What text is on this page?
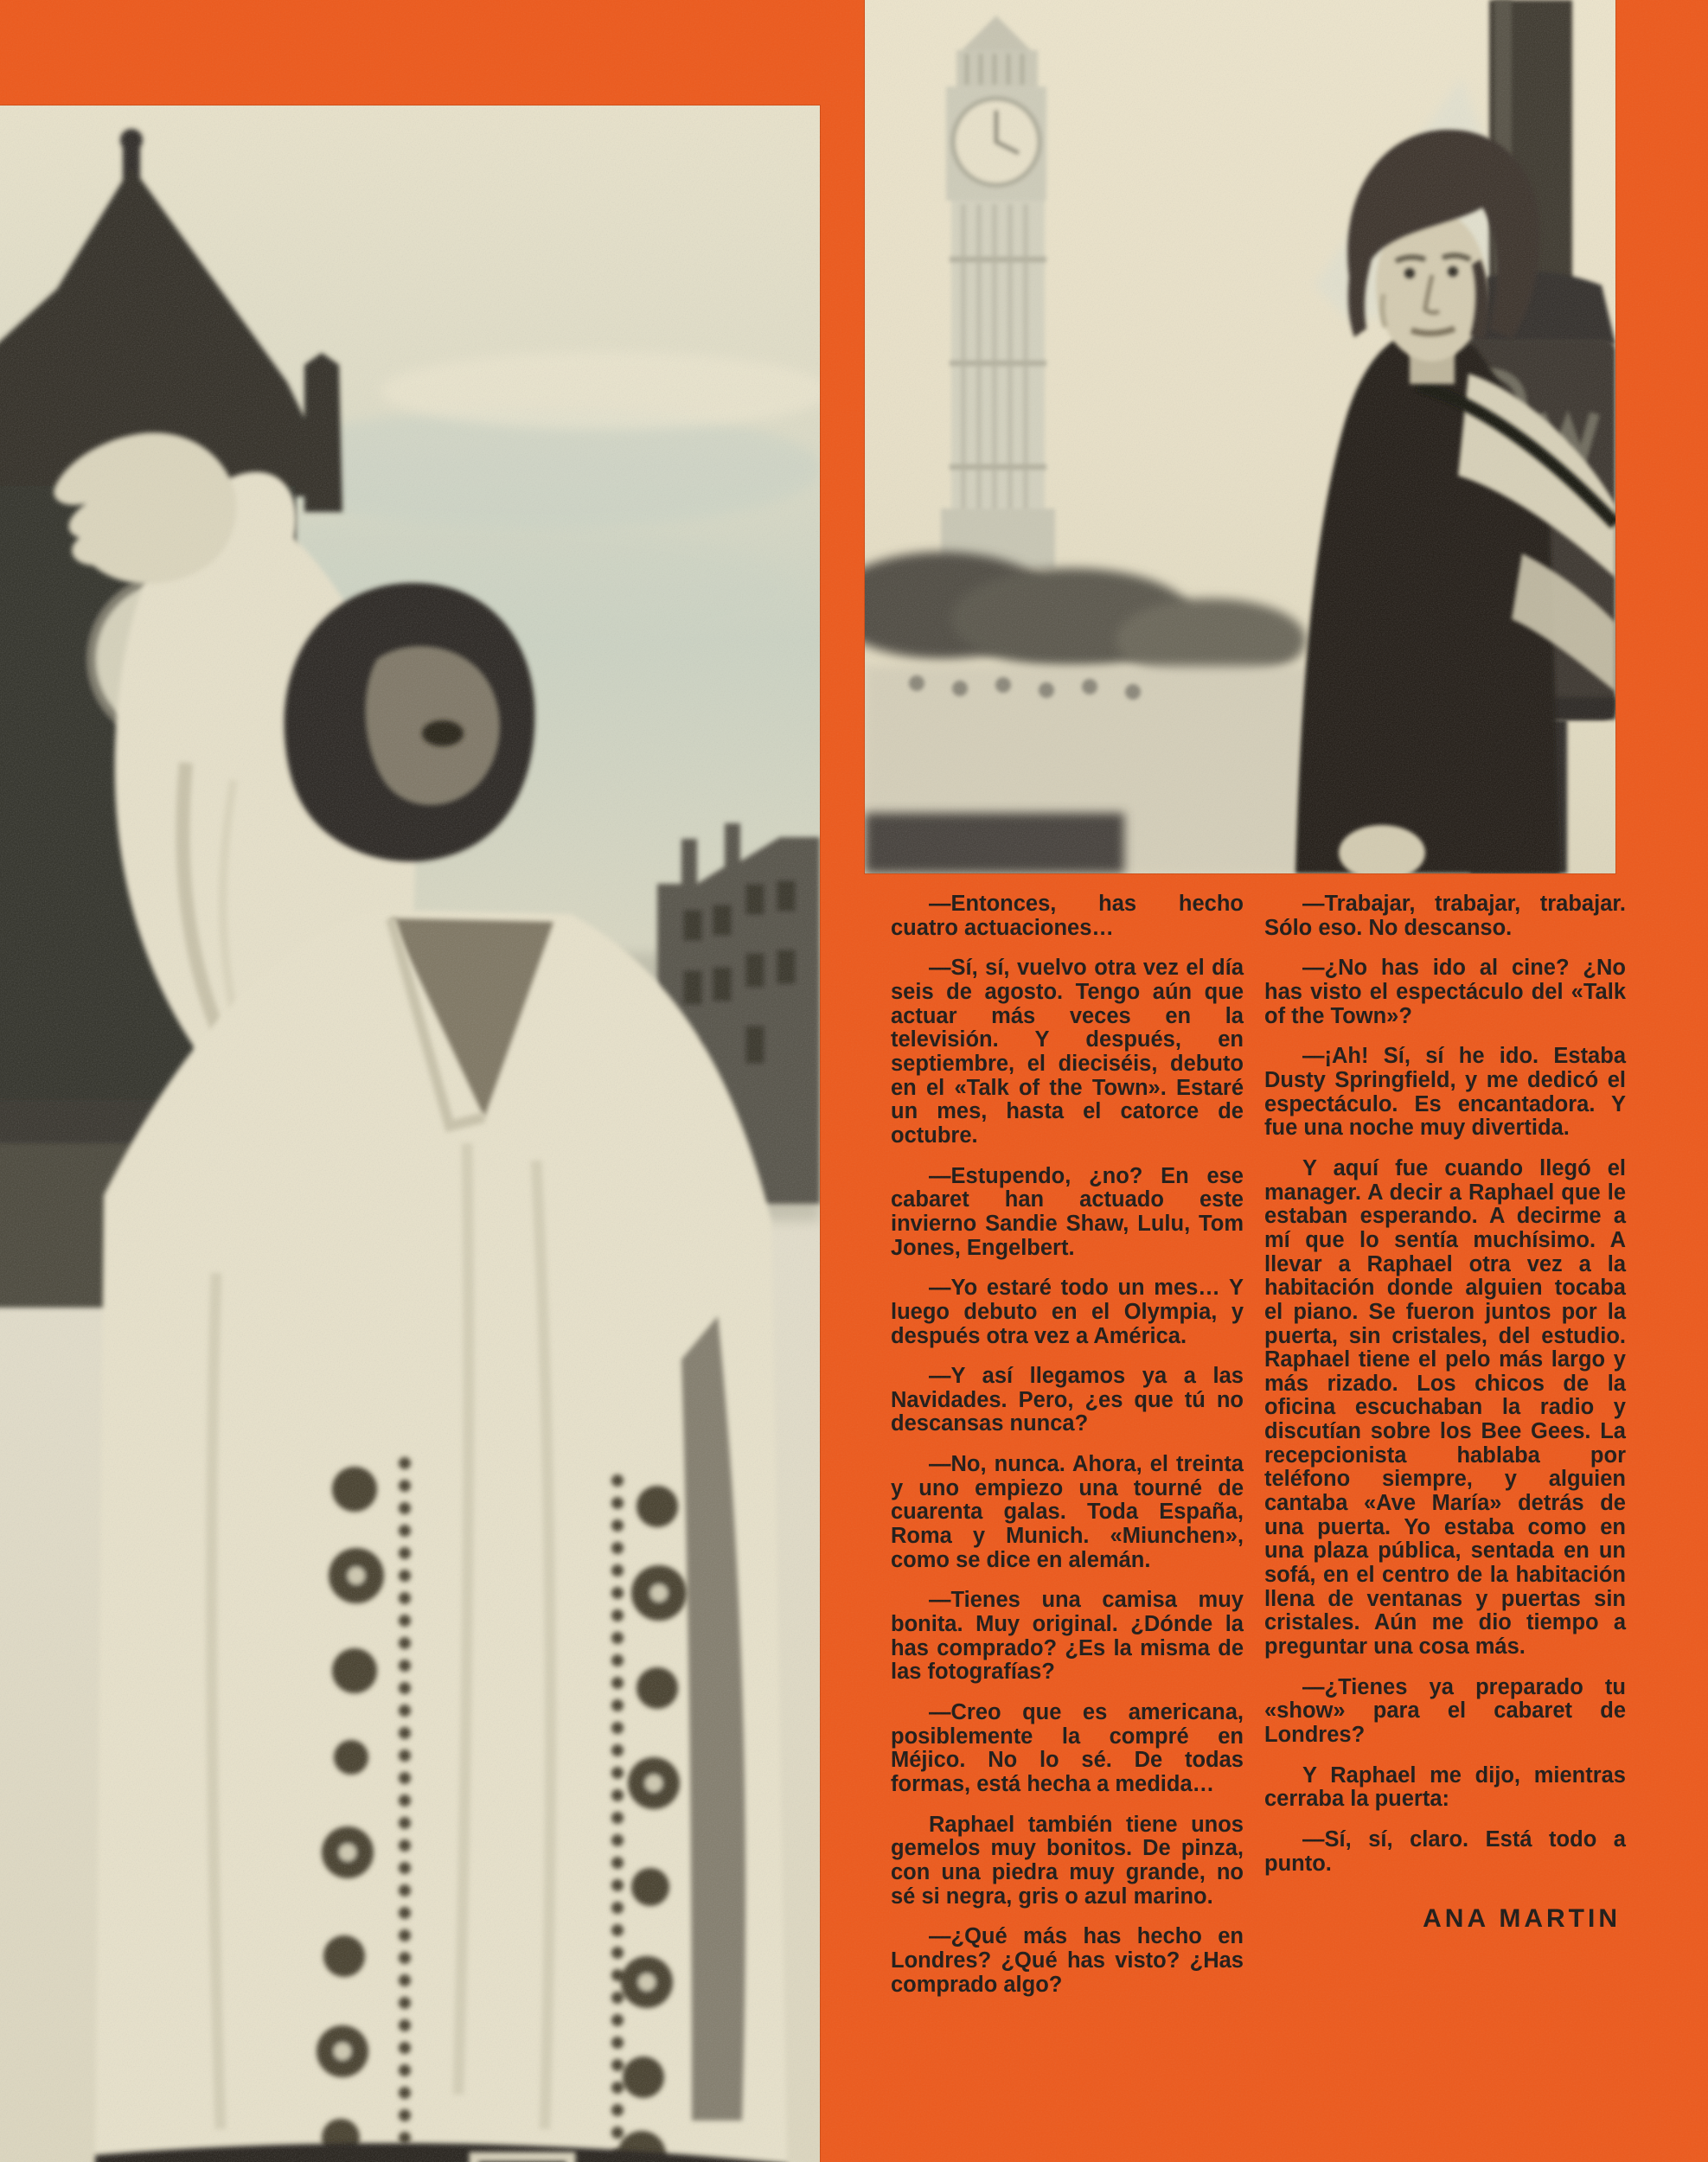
—Entonces, has hecho cuatro actuaciones…

—Sí, sí, vuelvo otra vez el día seis de agosto. Tengo aún que actuar más veces en la televisión. Y después, en septiembre, el dieciséis, debuto en el «Talk of the Town». Estaré un mes, hasta el catorce de octubre.

—Estupendo, ¿no? En ese cabaret han actuado este invierno Sandie Shaw, Lulu, Tom Jones, Engelbert.

—Yo estaré todo un mes… Y luego debuto en el Olympia, y después otra vez a América.

—Y así llegamos ya a las Navidades. Pero, ¿es que tú no descansas nunca?

—No, nunca. Ahora, el treinta y uno empiezo una tourné de cuarenta galas. Toda España, Roma y Munich. «Miunchen», como se dice en alemán.

—Tienes una camisa muy bonita. Muy original. ¿Dónde la has comprado? ¿Es la misma de las fotografías?

—Creo que es americana, posiblemente la compré en Méjico. No lo sé. De todas formas, está hecha a medida…

Raphael también tiene unos gemelos muy bonitos. De pinza, con una piedra muy grande, no sé si negra, gris o azul marino.

—¿Qué más has hecho en Londres? ¿Qué has visto? ¿Has comprado algo?

—Trabajar, trabajar, trabajar. Sólo eso. No descanso.

—¿No has ido al cine? ¿No has visto el espectáculo del «Talk of the Town»?

—¡Ah! Sí, sí he ido. Estaba Dusty Springfield, y me dedicó el espectáculo. Es encantadora. Y fue una noche muy divertida.

Y aquí fue cuando llegó el manager. A decir a Raphael que le estaban esperando. A decirme a mí que lo sentía muchísimo. A llevar a Raphael otra vez a la habitación donde alguien tocaba el piano. Se fueron juntos por la puerta, sin cristales, del estudio. Raphael tiene el pelo más largo y más rizado. Los chicos de la oficina escuchaban la radio y discutían sobre los Bee Gees. La recepcionista hablaba por teléfono siempre, y alguien cantaba «Ave María» detrás de una puerta. Yo estaba como en una plaza pública, sentada en un sofá, en el centro de la habitación llena de ventanas y puertas sin cristales. Aún me dio tiempo a preguntar una cosa más.

—¿Tienes ya preparado tu «show» para el cabaret de Londres?

Y Raphael me dijo, mientras cerraba la puerta:

—Sí, sí, claro. Está todo a punto.

ANA MARTIN
